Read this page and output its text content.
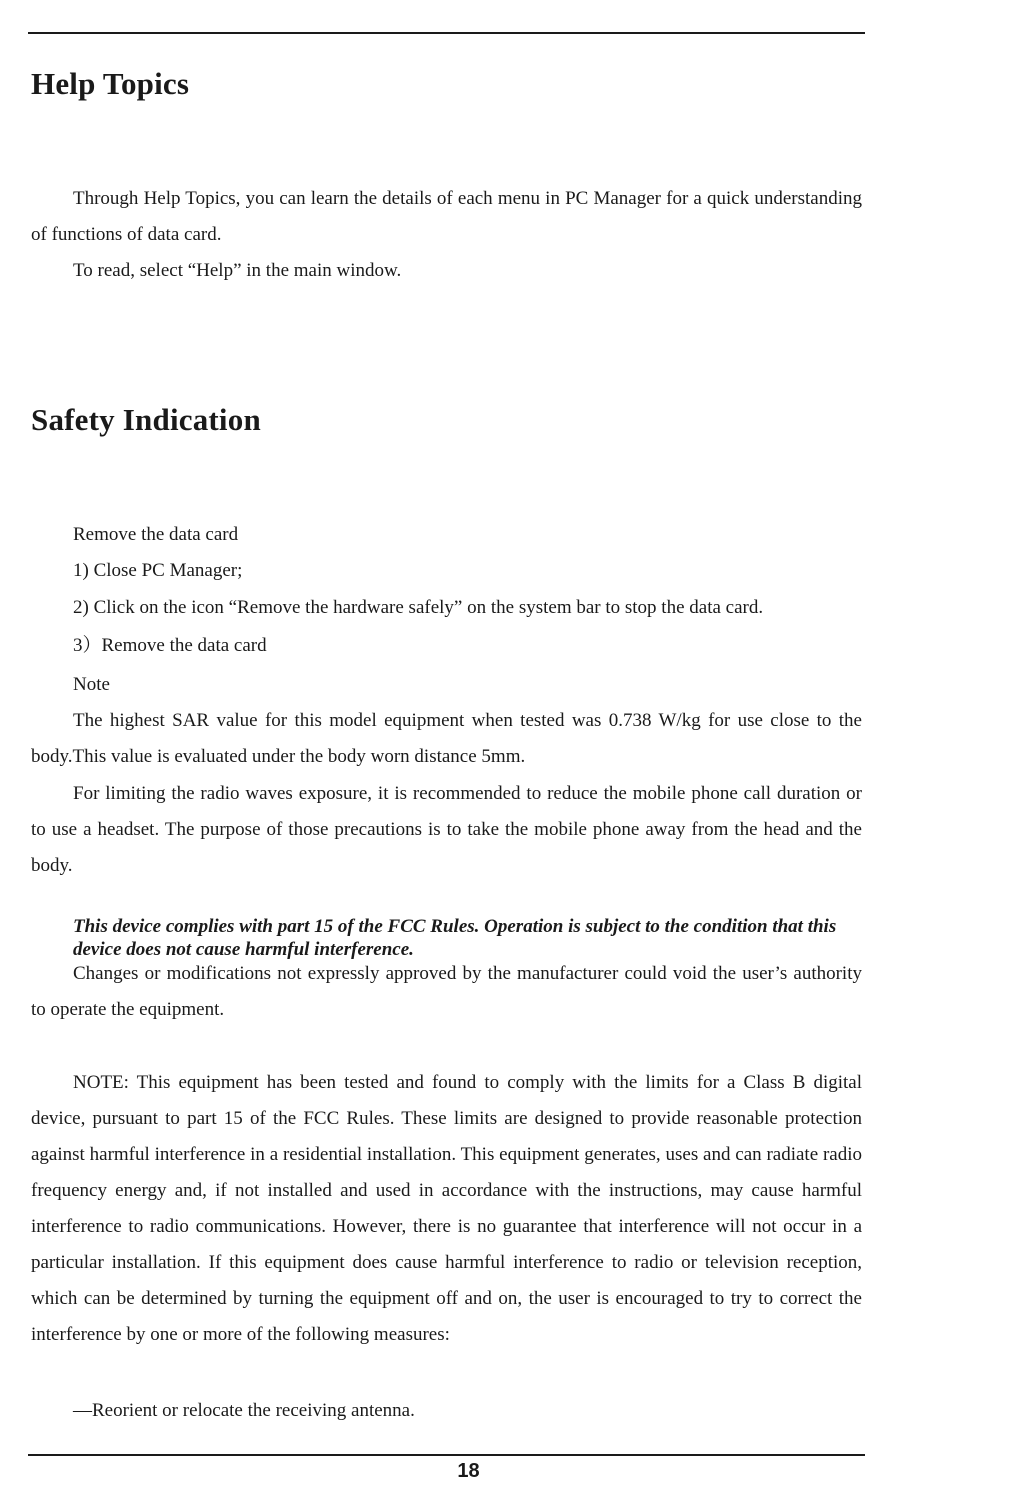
Help Topics

Through Help Topics, you can learn the details of each menu in PC Manager for a quick understanding of functions of data card.

To read, select “Help” in the main window.

Safety Indication

Remove the data card

1) Close PC Manager;

2) Click on the icon “Remove the hardware safely” on the system bar to stop the data card.

3）Remove the data card

Note

The highest SAR value for this model equipment when tested was 0.738 W/kg for use close to the body.This value is evaluated under the body worn distance 5mm.

For limiting the radio waves exposure, it is recommended to reduce the mobile phone call duration or to use a headset. The purpose of those precautions is to take the mobile phone away from the head and the body.

This device complies with part 15 of the FCC Rules. Operation is subject to the condition that this device does not cause harmful interference.

Changes or modifications not expressly approved by the manufacturer could void the user’s authority to operate the equipment.

NOTE: This equipment has been tested and found to comply with the limits for a Class B digital device, pursuant to part 15 of the FCC Rules. These limits are designed to provide reasonable protection against harmful interference in a residential installation. This equipment generates, uses and can radiate radio frequency energy and, if not installed and used in accordance with the instructions, may cause harmful interference to radio communications. However, there is no guarantee that interference will not occur in a particular installation. If this equipment does cause harmful interference to radio or television reception, which can be determined by turning the equipment off and on, the user is encouraged to try to correct the interference by one or more of the following measures:

—Reorient or relocate the receiving antenna.

18
